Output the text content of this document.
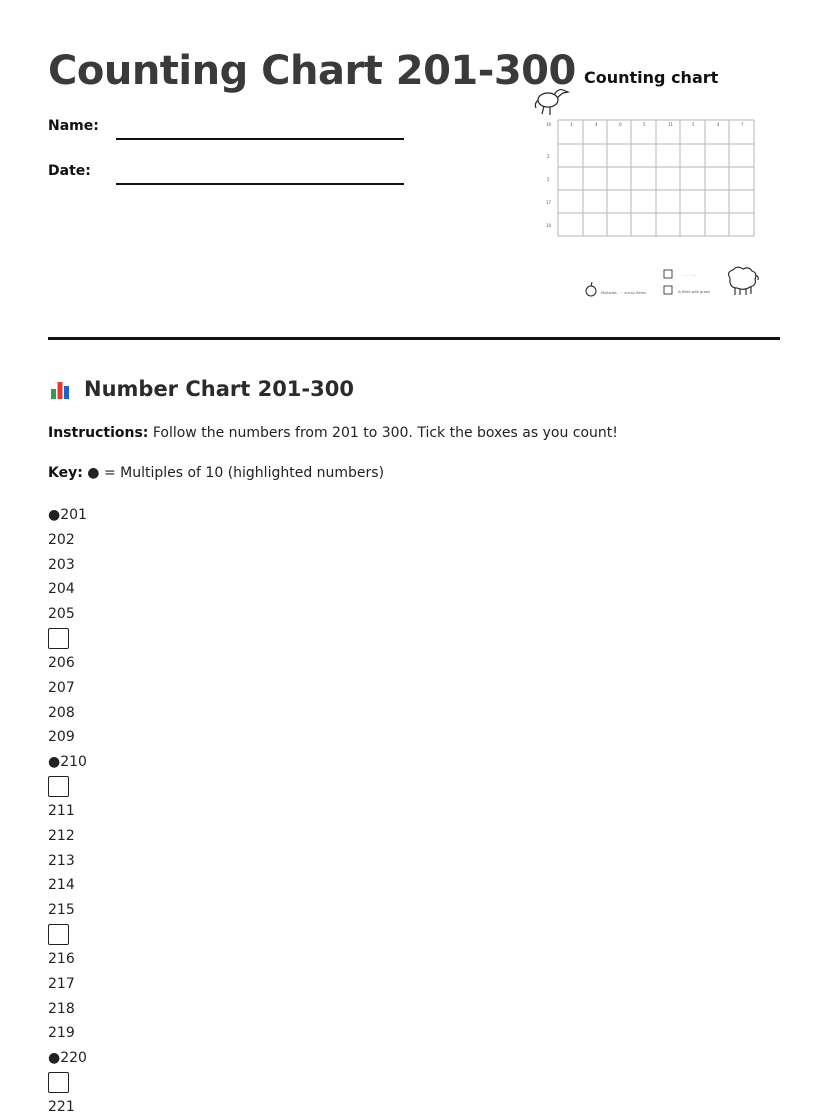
Counting Chart 201-300
Name:
Date:
3	4	0	5	11	5	4	7
10
2
5
17
10
Multiples · · · sunny items
· · · ◦◦
Is filled with green
Counting chart
Number Chart 201-300

Instructions: Follow the numbers from 201 to 300. Tick the boxes as you count!

Key: ● = Multiples of 10 (highlighted numbers)

●201
202
203
204
205
206
207
208
209
●210
211
212
213
214
215
216
217
218
219
●220
221
